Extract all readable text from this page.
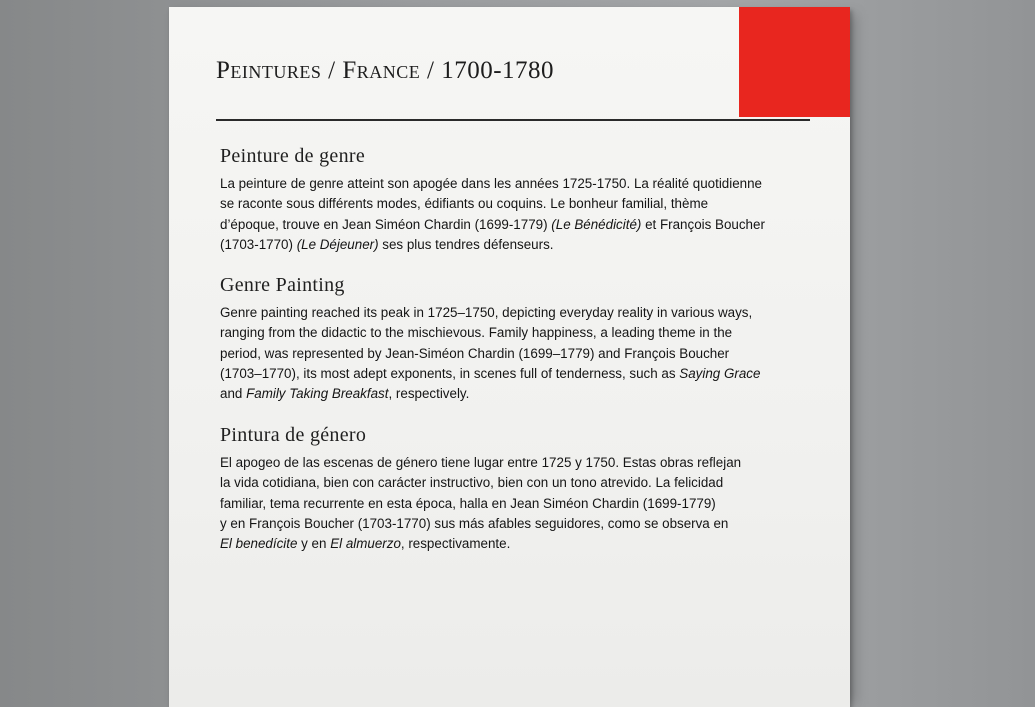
Peintures / France / 1700-1780
Peinture de genre

La peinture de genre atteint son apogée dans les années 1725-1750. La réalité quotidienne
se raconte sous différents modes, édifiants ou coquins. Le bonheur familial, thème
d’époque, trouve en Jean Siméon Chardin (1699-1779) (Le Bénédicité) et François Boucher
(1703-1770) (Le Déjeuner) ses plus tendres défenseurs.

Genre Painting

Genre painting reached its peak in 1725–1750, depicting everyday reality in various ways,
ranging from the didactic to the mischievous. Family happiness, a leading theme in the
period, was represented by Jean-Siméon Chardin (1699–1779) and François Boucher
(1703–1770), its most adept exponents, in scenes full of tenderness, such as Saying Grace
and Family Taking Breakfast, respectively.

Pintura de género

El apogeo de las escenas de género tiene lugar entre 1725 y 1750. Estas obras reflejan
la vida cotidiana, bien con carácter instructivo, bien con un tono atrevido. La felicidad
familiar, tema recurrente en esta época, halla en Jean Siméon Chardin (1699-1779)
y en François Boucher (1703-1770) sus más afables seguidores, como se observa en
El benedícite y en El almuerzo, respectivamente.
